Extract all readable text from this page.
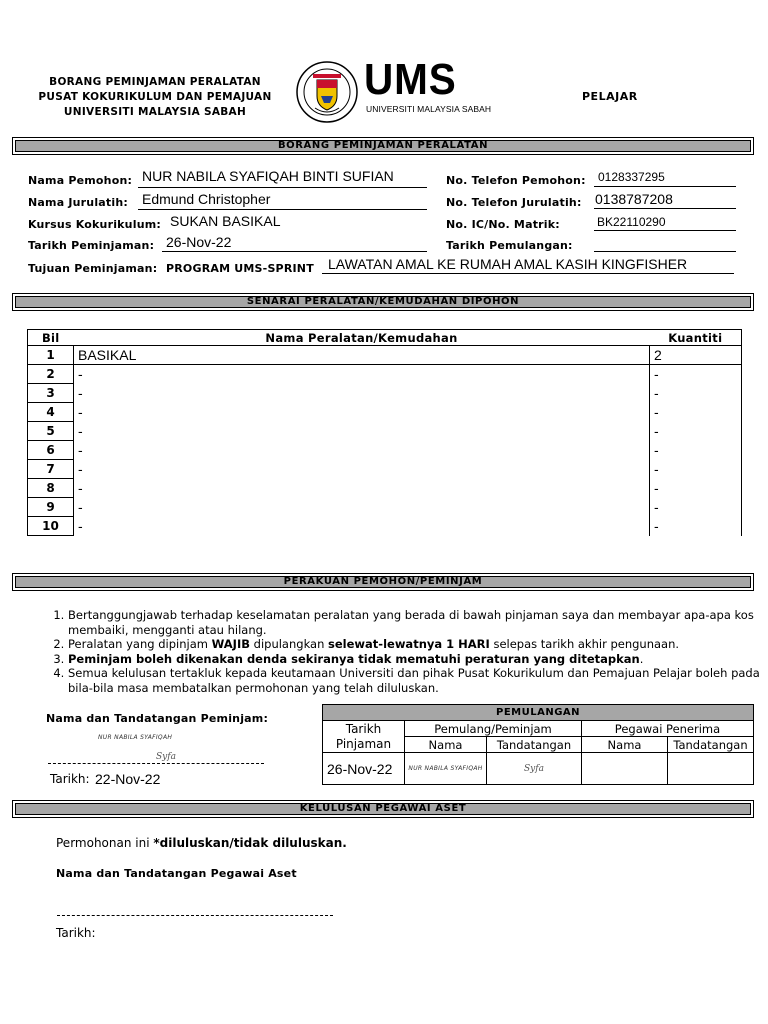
BORANG PEMINJAMAN PERALATAN
PUSAT KOKURIKULUM DAN PEMAJUAN
UNIVERSITI MALAYSIA SABAH
UMS
UNIVERSITI MALAYSIA SABAH
PELAJAR
BORANG PEMINJAMAN PERALATAN
Nama Pemohon: NUR NABILA SYAFIQAH BINTI SUFIAN
Nama Jurulatih: Edmund Christopher
Kursus Kokurikulum: SUKAN BASIKAL
Tarikh Peminjaman: 26-Nov-22
Tujuan Peminjaman: PROGRAM UMS-SPRINT LAWATAN AMAL KE RUMAH AMAL KASIH KINGFISHER
No. Telefon Pemohon: 0128337295
No. Telefon Jurulatih: 0138787208
No. IC/No. Matrik:	BK22110290
Tarikh Pemulangan:
SENARAI PERALATAN/KEMUDAHAN DIPOHON
Bil	Nama Peralatan/Kemudahan	Kuantiti
1	BASIKAL	2
2	-	-
3	-	-
4	-	-
5	-	-
6	-	-
7	-	-
8	-	-
9	-	-
10	-	-
PERAKUAN PEMOHON/PEMINJAM
1. Bertanggungjawab terhadap keselamatan peralatan yang berada di bawah pinjaman saya dan membayar apa-apa kos membaiki, mengganti atau hilang.
2. Peralatan yang dipinjam WAJIB dipulangkan selewat-lewatnya 1 HARI selepas tarikh akhir pengunaan.
3. Peminjam boleh dikenakan denda sekiranya tidak mematuhi peraturan yang ditetapkan.
4. Semua kelulusan tertakluk kepada keutamaan Universiti dan pihak Pusat Kokurikulum dan Pemajuan Pelajar boleh pada bila-bila masa membatalkan permohonan yang telah diluluskan.
Nama dan Tandatangan Peminjam:
NUR NABILA SYAFIQAH
Syfa
Tarikh: 22-Nov-22
PEMULANGAN				
Tarikh Pinjaman	Pemulang/Peminjam		Pegawai Penerima	
	Nama	Tandatangan	Nama	Tandatangan
26-Nov-22	NUR NABILA SYAFIQAH	Syfa		
KELULUSAN PEGAWAI ASET
Permohonan ini *diluluskan/tidak diluluskan.
Nama dan Tandatangan Pegawai Aset
Tarikh:
